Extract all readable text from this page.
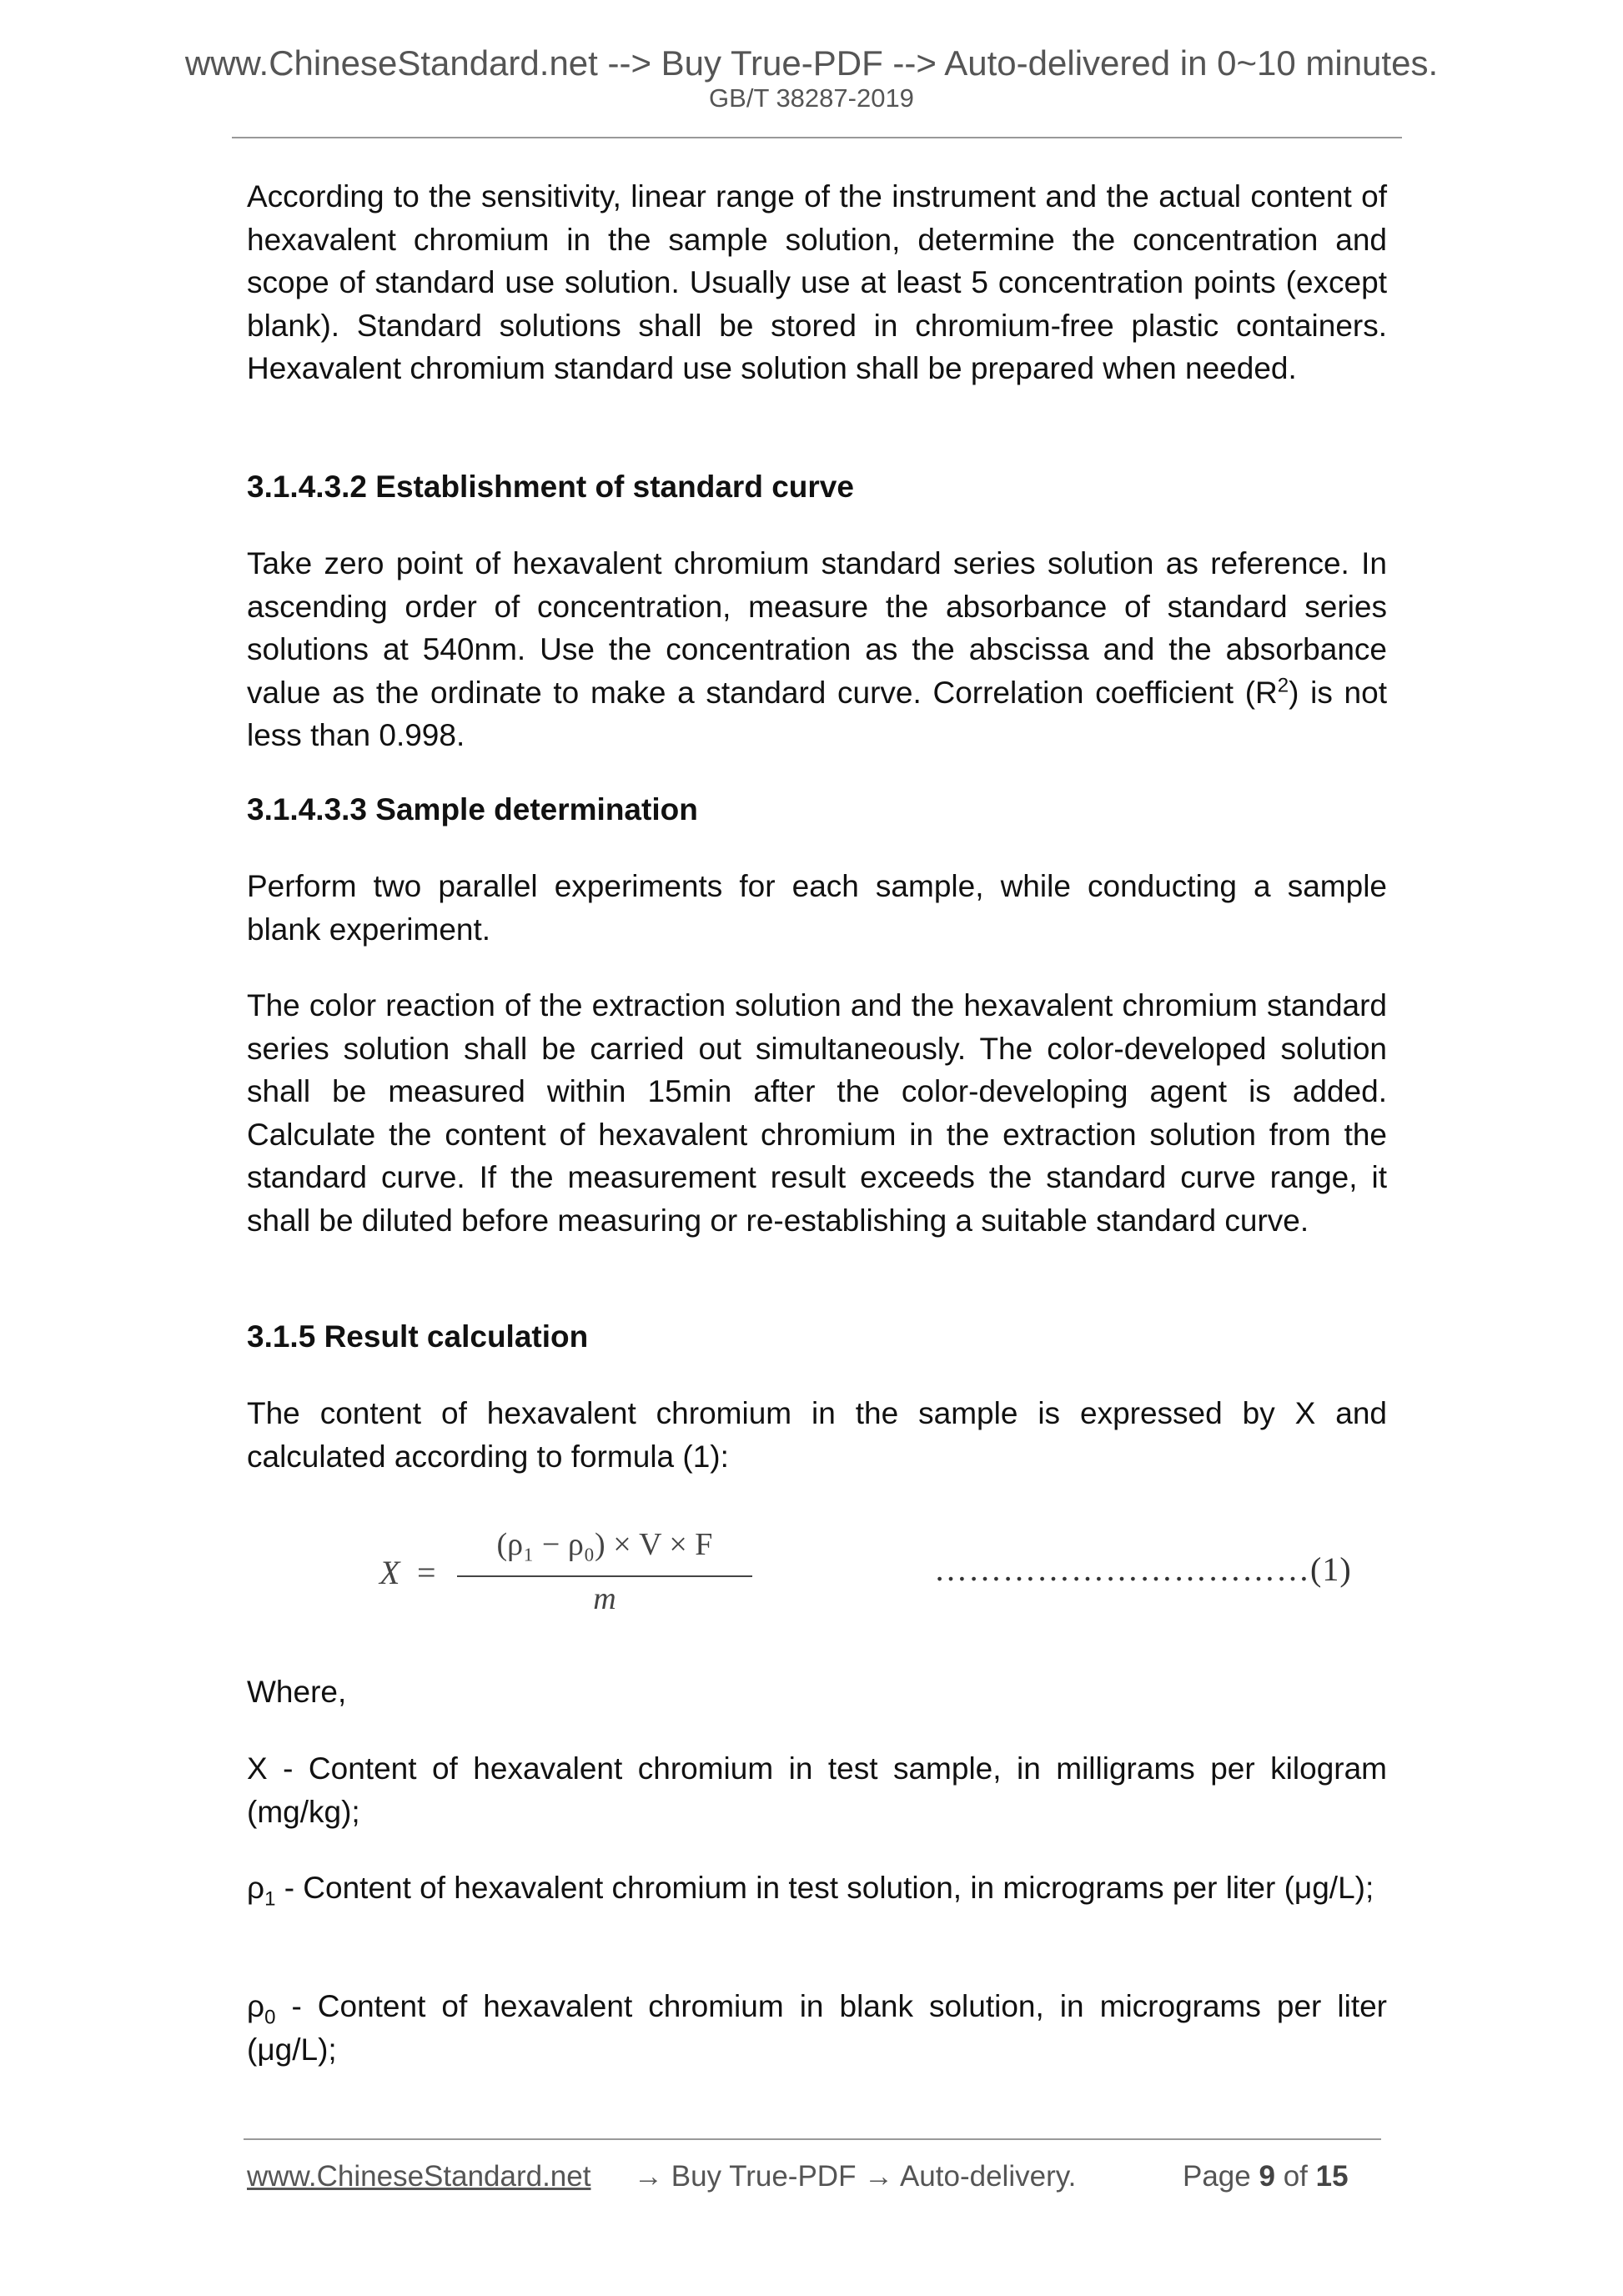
www.ChineseStandard.net --> Buy True-PDF --> Auto-delivered in 0~10 minutes.
GB/T 38287-2019
According to the sensitivity, linear range of the instrument and the actual content of hexavalent chromium in the sample solution, determine the concentration and scope of standard use solution. Usually use at least 5 concentration points (except blank). Standard solutions shall be stored in chromium-free plastic containers. Hexavalent chromium standard use solution shall be prepared when needed.
3.1.4.3.2 Establishment of standard curve
Take zero point of hexavalent chromium standard series solution as reference. In ascending order of concentration, measure the absorbance of standard series solutions at 540nm. Use the concentration as the abscissa and the absorbance value as the ordinate to make a standard curve. Correlation coefficient $(R^2)$ is not less than 0.998.
3.1.4.3.3 Sample determination
Perform two parallel experiments for each sample, while conducting a sample blank experiment.
The color reaction of the extraction solution and the hexavalent chromium standard series solution shall be carried out simultaneously. The color-developed solution shall be measured within 15min after the color-developing agent is added. Calculate the content of hexavalent chromium in the extraction solution from the standard curve. If the measurement result exceeds the standard curve range, it shall be diluted before measuring or re-establishing a suitable standard curve.
3.1.5 Result calculation
The content of hexavalent chromium in the sample is expressed by X and calculated according to formula (1):
X =
(ρ₁ − ρ₀) × V × F
m
……………………………(1)
Where,
X - Content of hexavalent chromium in test sample, in milligrams per kilogram (mg/kg);
$\rho_1$ - Content of hexavalent chromium in test solution, in micrograms per liter (μg/L);
$\rho_0$ - Content of hexavalent chromium in blank solution, in micrograms per liter (μg/L);
www.ChineseStandard.net → Buy True-PDF → Auto-delivery.	Page 9 of 15
